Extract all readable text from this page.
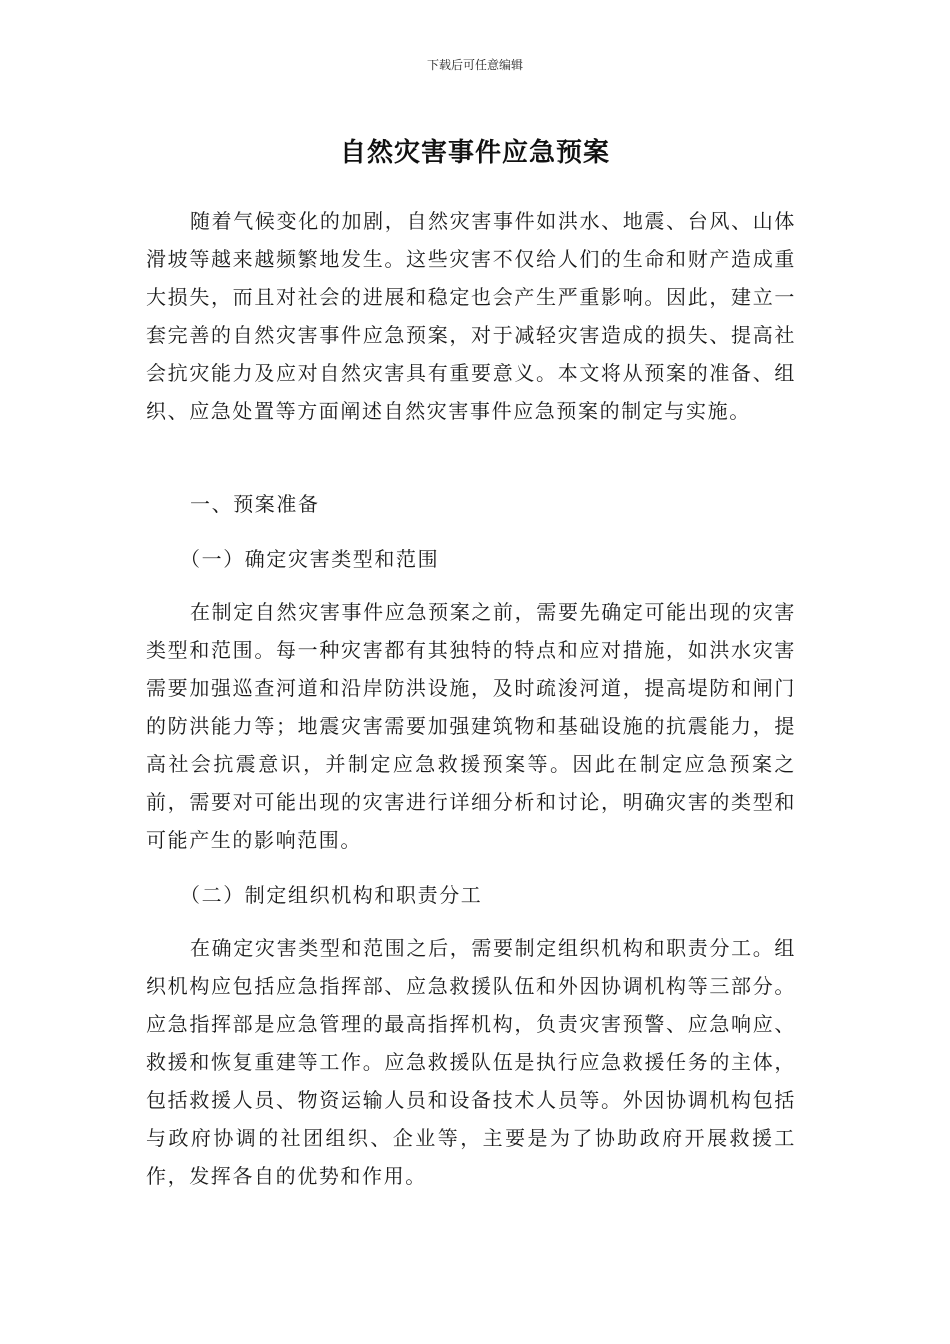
下载后可任意编辑
自然灾害事件应急预案

随着气候变化的加剧，自然灾害事件如洪水、地震、台风、山体滑坡等越来越频繁地发生。这些灾害不仅给人们的生命和财产造成重大损失，而且对社会的进展和稳定也会产生严重影响。因此，建立一套完善的自然灾害事件应急预案，对于减轻灾害造成的损失、提高社会抗灾能力及应对自然灾害具有重要意义。本文将从预案的准备、组织、应急处置等方面阐述自然灾害事件应急预案的制定与实施。

一、预案准备

（一）确定灾害类型和范围

在制定自然灾害事件应急预案之前，需要先确定可能出现的灾害类型和范围。每一种灾害都有其独特的特点和应对措施，如洪水灾害需要加强巡查河道和沿岸防洪设施，及时疏浚河道，提高堤防和闸门的防洪能力等；地震灾害需要加强建筑物和基础设施的抗震能力，提高社会抗震意识，并制定应急救援预案等。因此在制定应急预案之前，需要对可能出现的灾害进行详细分析和讨论，明确灾害的类型和可能产生的影响范围。

（二）制定组织机构和职责分工

在确定灾害类型和范围之后，需要制定组织机构和职责分工。组织机构应包括应急指挥部、应急救援队伍和外因协调机构等三部分。应急指挥部是应急管理的最高指挥机构，负责灾害预警、应急响应、救援和恢复重建等工作。应急救援队伍是执行应急救援任务的主体，包括救援人员、物资运输人员和设备技术人员等。外因协调机构包括与政府协调的社团组织、企业等，主要是为了协助政府开展救援工作，发挥各自的优势和作用。
